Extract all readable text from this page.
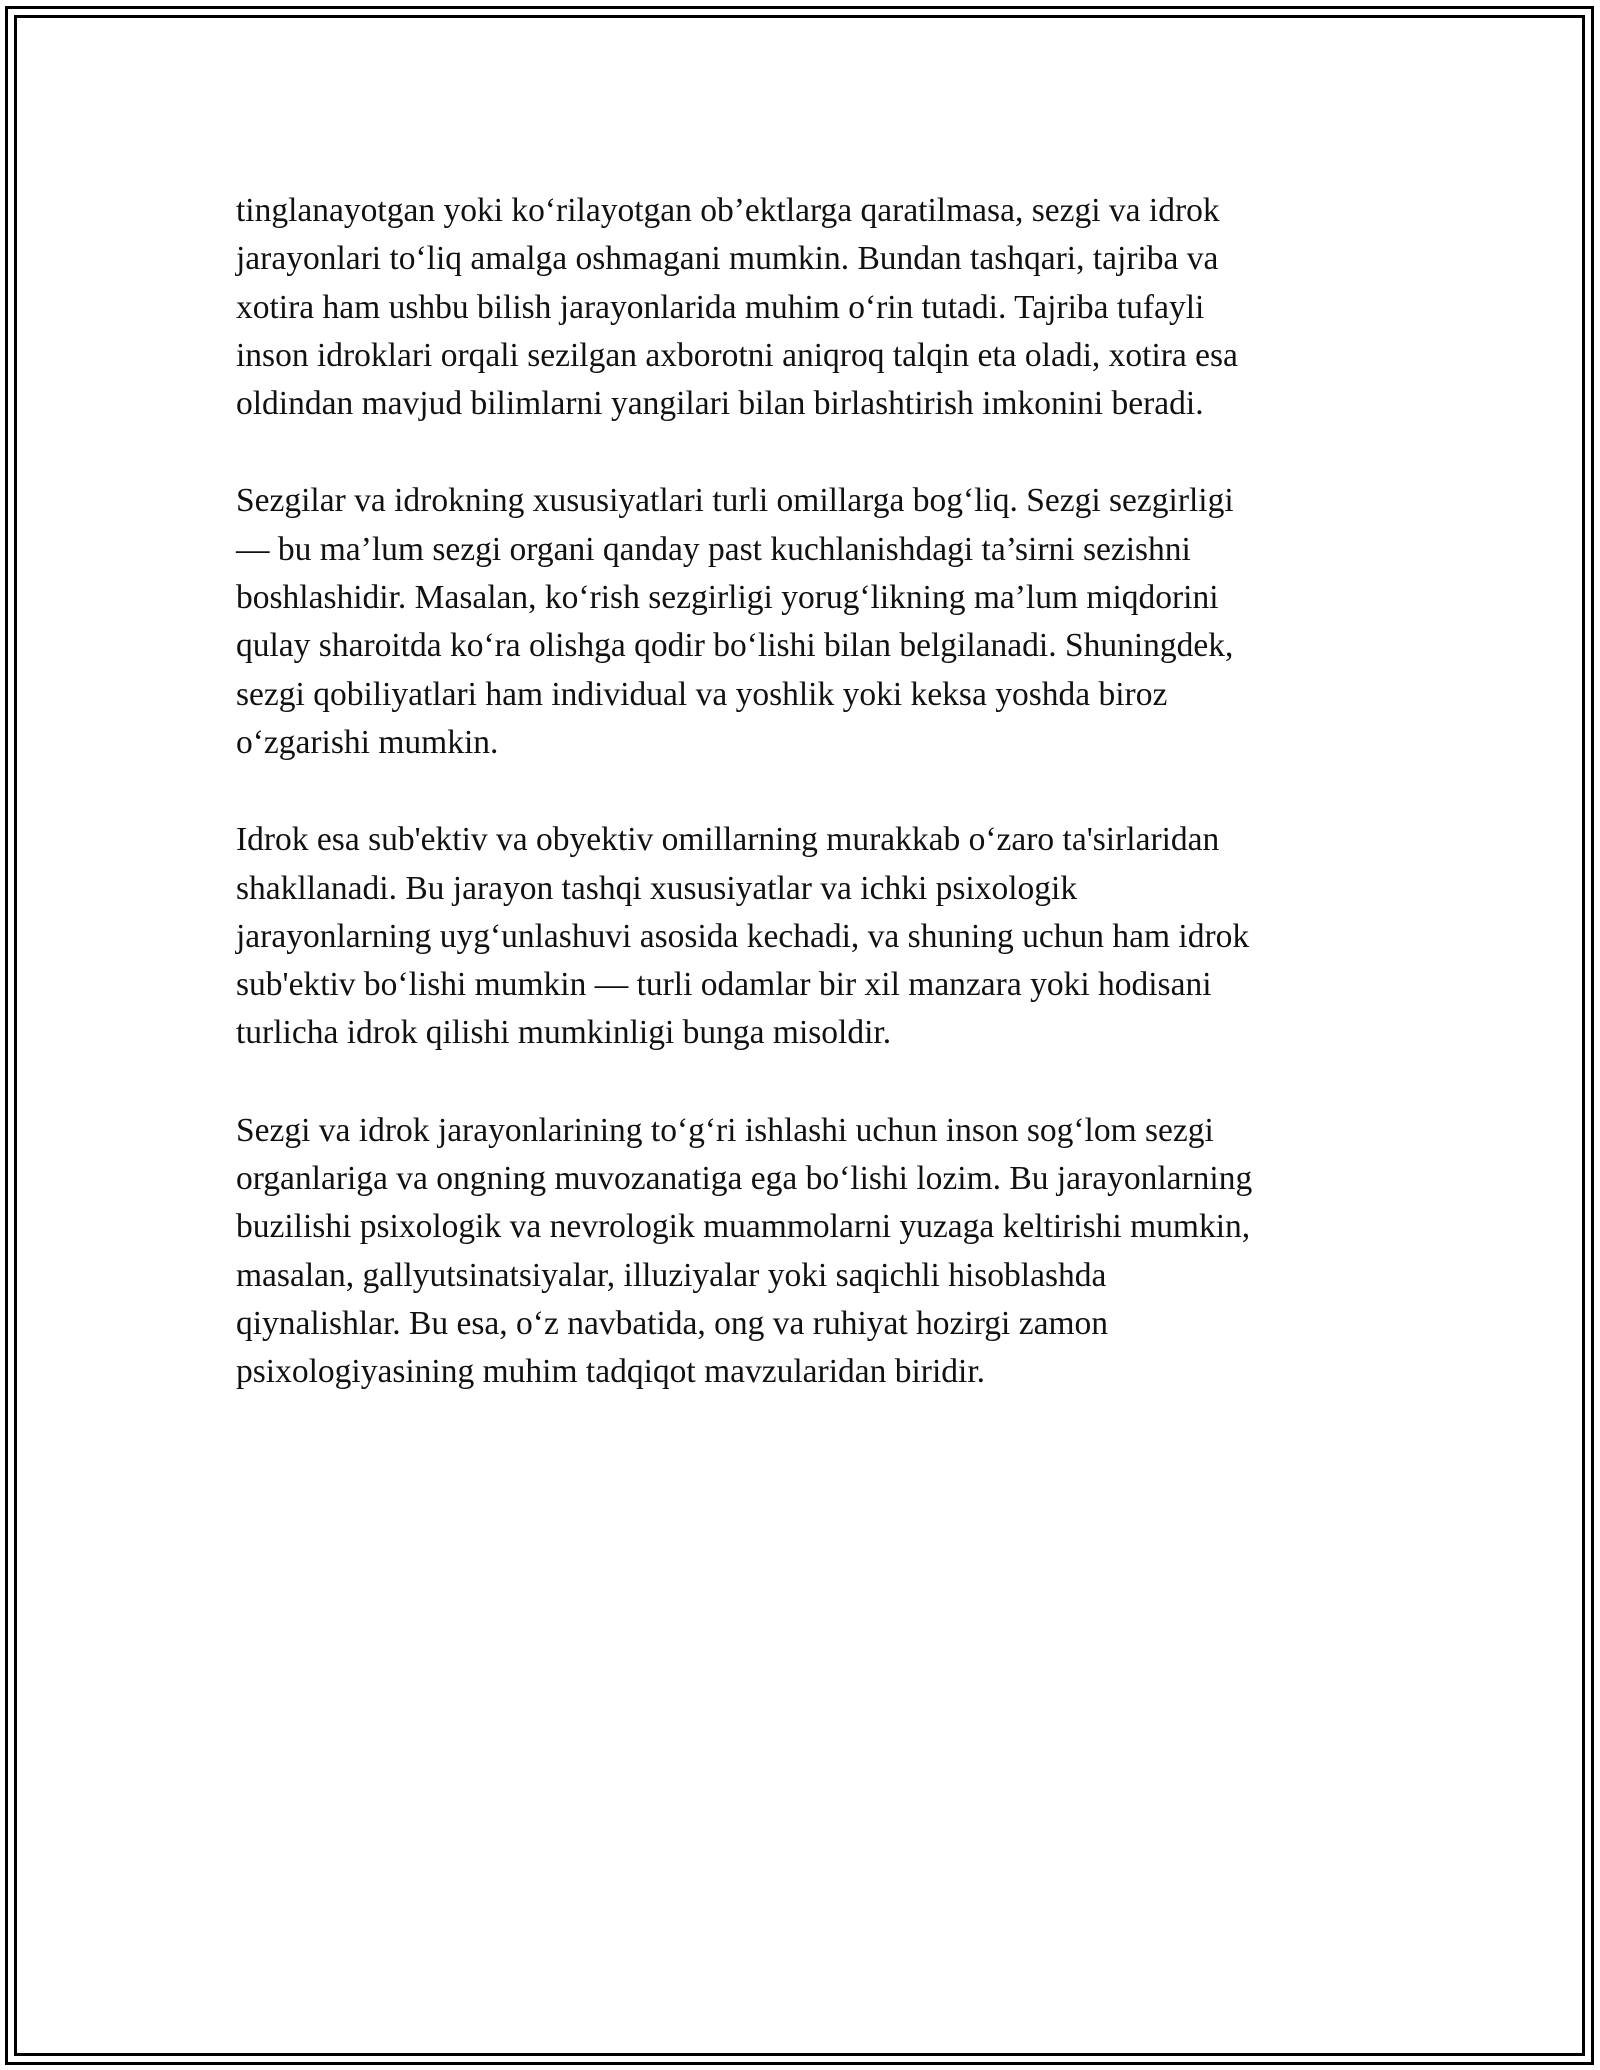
tinglanayotgan yoki ko‘rilayotgan ob’ektlarga qaratilmasa, sezgi va idrok
jarayonlari to‘liq amalga oshmagani mumkin. Bundan tashqari, tajriba va
xotira ham ushbu bilish jarayonlarida muhim o‘rin tutadi. Tajriba tufayli
inson idroklari orqali sezilgan axborotni aniqroq talqin eta oladi, xotira esa
oldindan mavjud bilimlarni yangilari bilan birlashtirish imkonini beradi.

Sezgilar va idrokning xususiyatlari turli omillarga bog‘liq. Sezgi sezgirligi
— bu ma’lum sezgi organi qanday past kuchlanishdagi ta’sirni sezishni
boshlashidir. Masalan, ko‘rish sezgirligi yorug‘likning ma’lum miqdorini
qulay sharoitda ko‘ra olishga qodir bo‘lishi bilan belgilanadi. Shuningdek,
sezgi qobiliyatlari ham individual va yoshlik yoki keksa yoshda biroz
o‘zgarishi mumkin.

Idrok esa sub'ektiv va obyektiv omillarning murakkab o‘zaro ta'sirlaridan
shakllanadi. Bu jarayon tashqi xususiyatlar va ichki psixologik
jarayonlarning uyg‘unlashuvi asosida kechadi, va shuning uchun ham idrok
sub'ektiv bo‘lishi mumkin — turli odamlar bir xil manzara yoki hodisani
turlicha idrok qilishi mumkinligi bunga misoldir.

Sezgi va idrok jarayonlarining to‘g‘ri ishlashi uchun inson sog‘lom sezgi
organlariga va ongning muvozanatiga ega bo‘lishi lozim. Bu jarayonlarning
buzilishi psixologik va nevrologik muammolarni yuzaga keltirishi mumkin,
masalan, gallyutsinatsiyalar, illuziyalar yoki saqichli hisoblashda
qiynalishlar. Bu esa, o‘z navbatida, ong va ruhiyat hozirgi zamon
psixologiyasining muhim tadqiqot mavzularidan biridir.
